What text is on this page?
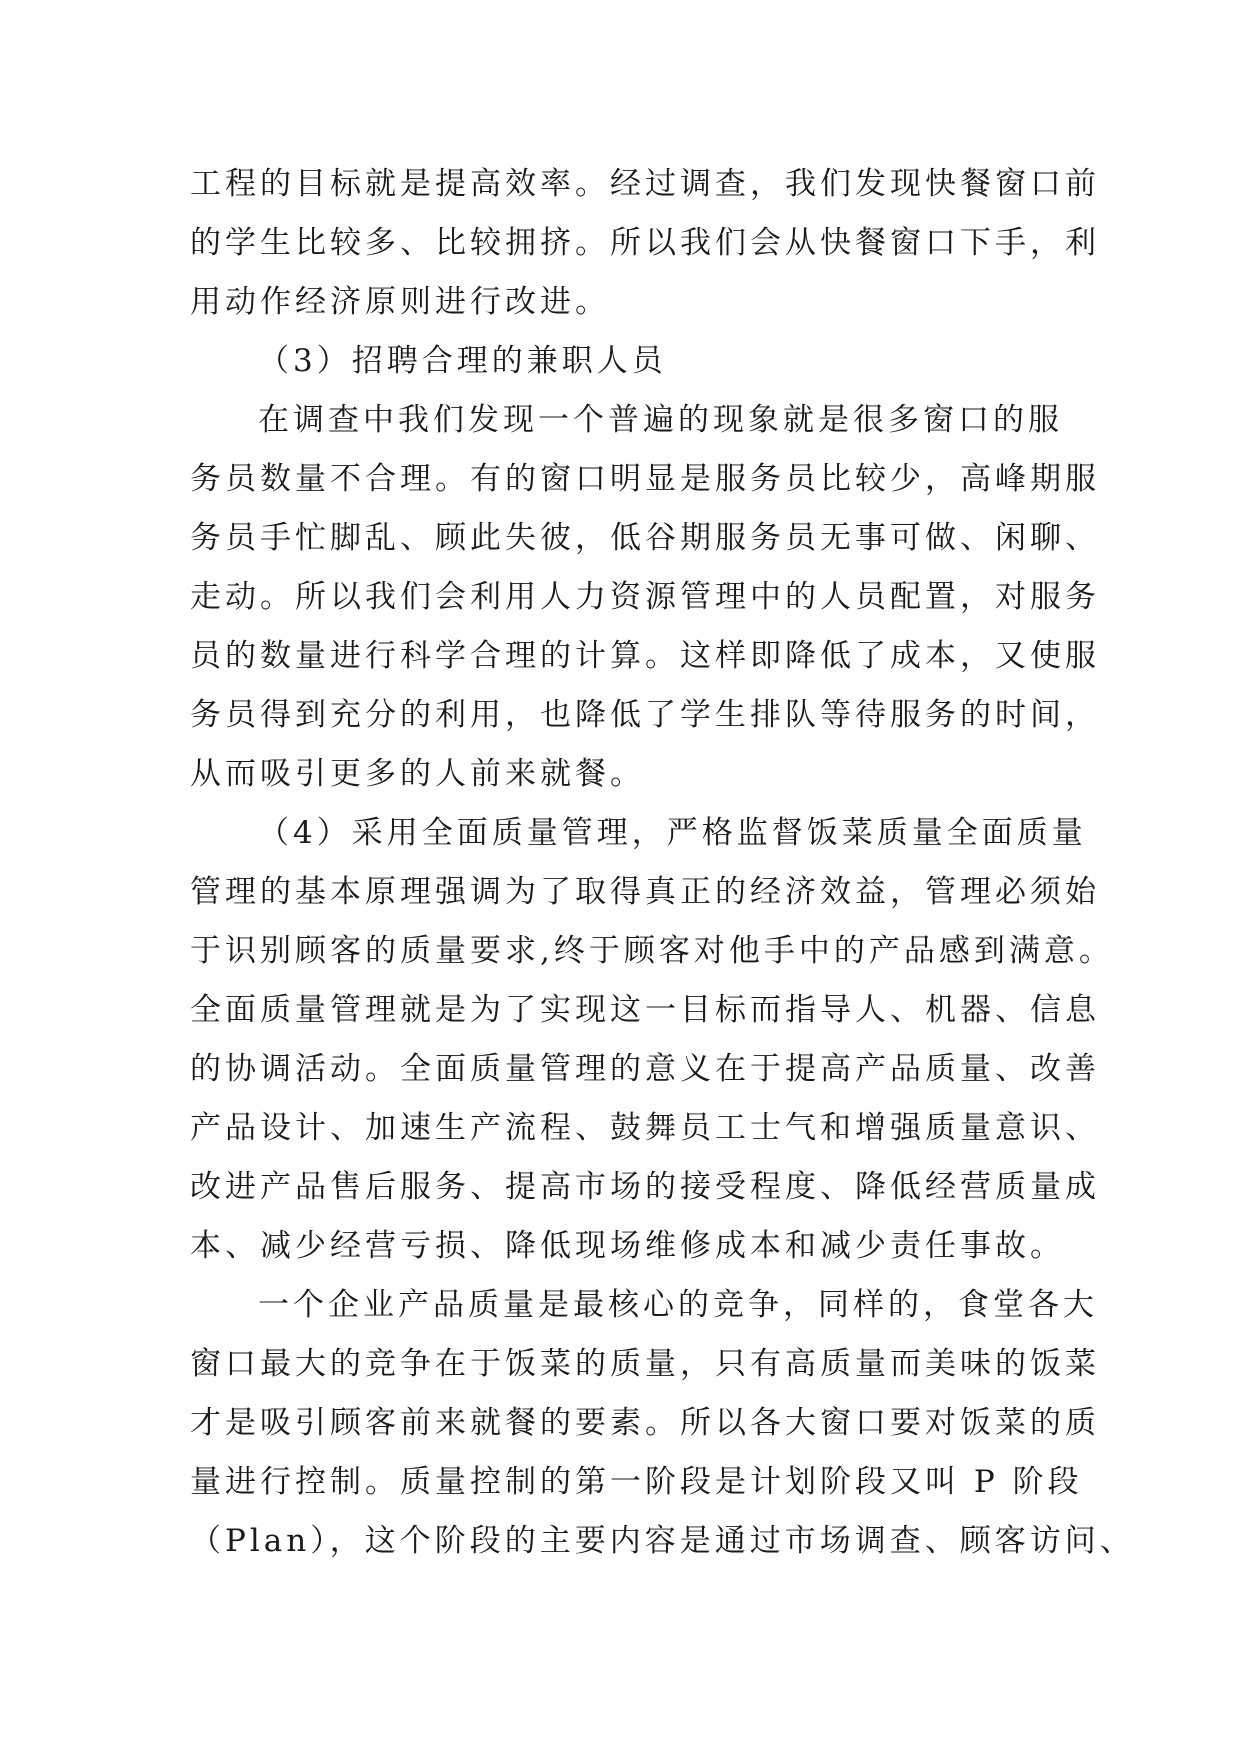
工程的目标就是提高效率。经过调查，我们发现快餐窗口前
的学生比较多、比较拥挤。所以我们会从快餐窗口下手，利
用动作经济原则进行改进。
（3）招聘合理的兼职人员
在调查中我们发现一个普遍的现象就是很多窗口的服
务员数量不合理。有的窗口明显是服务员比较少，高峰期服
务员手忙脚乱、顾此失彼，低谷期服务员无事可做、闲聊、
走动。所以我们会利用人力资源管理中的人员配置，对服务
员的数量进行科学合理的计算。这样即降低了成本，又使服
务员得到充分的利用，也降低了学生排队等待服务的时间，
从而吸引更多的人前来就餐。
（4）采用全面质量管理，严格监督饭菜质量全面质量
管理的基本原理强调为了取得真正的经济效益，管理必须始
于识别顾客的质量要求,终于顾客对他手中的产品感到满意。
全面质量管理就是为了实现这一目标而指导人、机器、信息
的协调活动。全面质量管理的意义在于提高产品质量、改善
产品设计、加速生产流程、鼓舞员工士气和增强质量意识、
改进产品售后服务、提高市场的接受程度、降低经营质量成
本、减少经营亏损、降低现场维修成本和减少责任事故。
一个企业产品质量是最核心的竞争，同样的，食堂各大
窗口最大的竞争在于饭菜的质量，只有高质量而美味的饭菜
才是吸引顾客前来就餐的要素。所以各大窗口要对饭菜的质
量进行控制。质量控制的第一阶段是计划阶段又叫 P 阶段
（Plan），这个阶段的主要内容是通过市场调查、顾客访问、
